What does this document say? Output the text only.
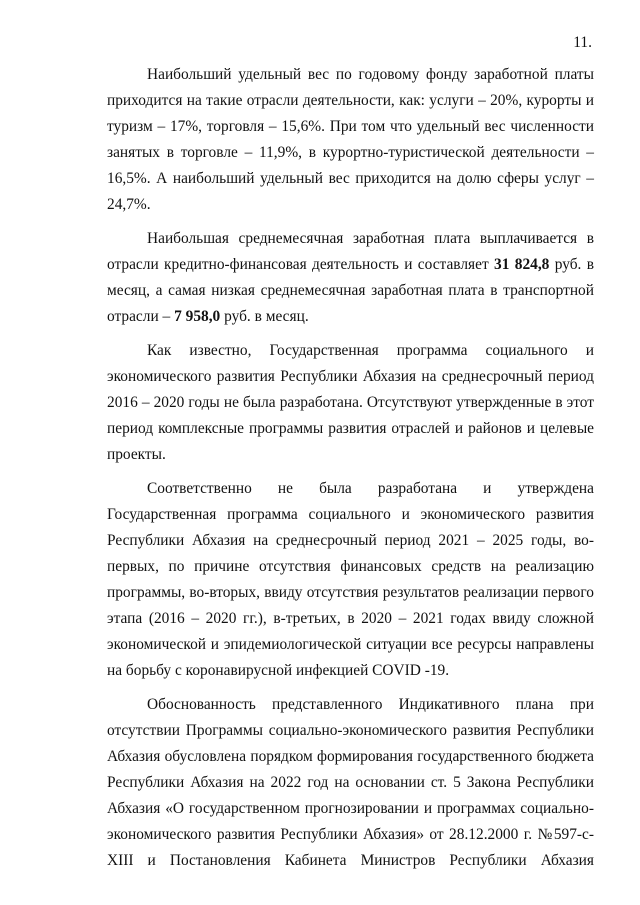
11.

Наибольший удельный вес по годовому фонду заработной платы приходится на такие отрасли деятельности, как: услуги – 20%, курорты и туризм – 17%, торговля – 15,6%. При том что удельный вес численности занятых в торговле – 11,9%, в курортно-туристической деятельности – 16,5%. А наибольший удельный вес приходится на долю сферы услуг – 24,7%.

Наибольшая среднемесячная заработная плата выплачивается в отрасли кредитно-финансовая деятельность и составляет 31 824,8 руб. в месяц, а самая низкая среднемесячная заработная плата в транспортной отрасли – 7 958,0 руб. в месяц.

Как известно, Государственная программа социального и экономического развития Республики Абхазия на среднесрочный период 2016 – 2020 годы не была разработана. Отсутствуют утвержденные в этот период комплексные программы развития отраслей и районов и целевые проекты.

Соответственно не была разработана и утверждена Государственная программа социального и экономического развития Республики Абхазия на среднесрочный период 2021 – 2025 годы, во-первых, по причине отсутствия финансовых средств на реализацию программы, во-вторых, ввиду отсутствия результатов реализации первого этапа (2016 – 2020 гг.), в-третьих, в 2020 – 2021 годах ввиду сложной экономической и эпидемиологической ситуации все ресурсы направлены на борьбу с коронавирусной инфекцией COVID -19.

Обоснованность представленного Индикативного плана при отсутствии Программы социально-экономического развития Республики Абхазия обусловлена порядком формирования государственного бюджета Республики Абхазия на 2022 год на основании ст. 5 Закона Республики Абхазия «О государственном прогнозировании и программах социально-экономического развития Республики Абхазия» от 28.12.2000 г. №597-с-XIII и Постановления Кабинета Министров Республики Абхазия
